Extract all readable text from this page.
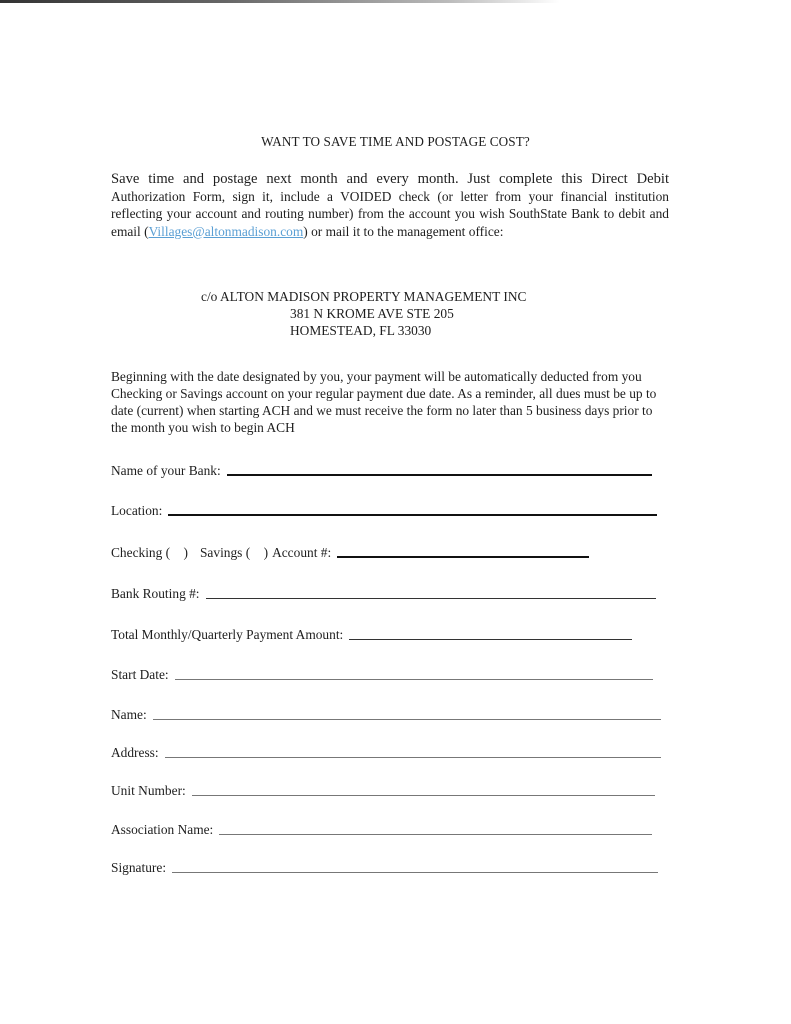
WANT TO SAVE TIME AND POSTAGE COST?
Save time and postage next month and every month. Just complete this Direct Debit Authorization Form, sign it, include a VOIDED check (or letter from your financial institution reflecting your account and routing number) from the account you wish SouthState Bank to debit and email (Villages@altonmadison.com) or mail it to the management office:
c/o ALTON MADISON PROPERTY MANAGEMENT INC
381 N KROME AVE STE 205
HOMESTEAD, FL 33030
Beginning with the date designated by you, your payment will be automatically deducted from you Checking or Savings account on your regular payment due date. As a reminder, all dues must be up to date (current) when starting ACH and we must receive the form no later than 5 business days prior to the month you wish to begin ACH
Name of your Bank:
Location:
Checking (    ) Savings (    ) Account #:
Bank Routing #:
Total Monthly/Quarterly Payment Amount:
Start Date:
Name:
Address:
Unit Number:
Association Name:
Signature:
